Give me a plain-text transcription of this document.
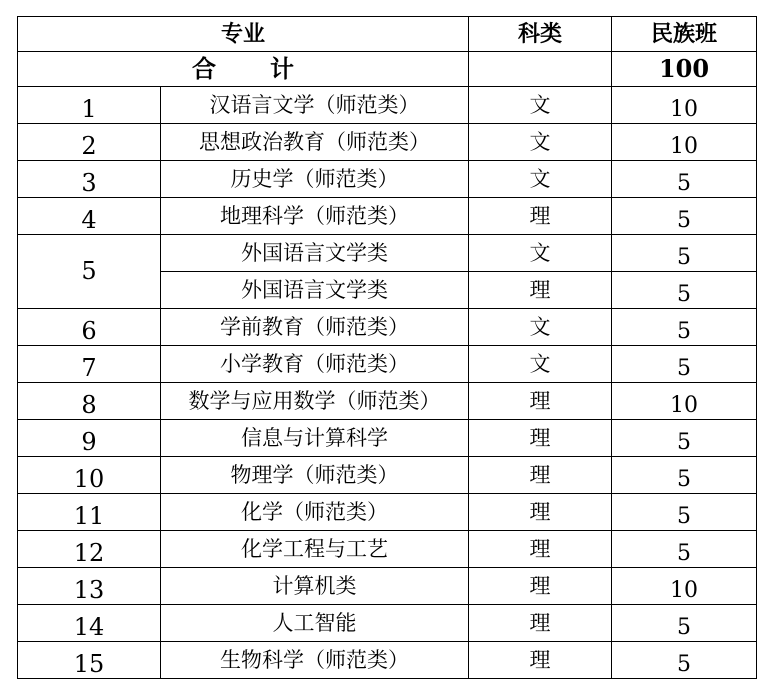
专业		科类	民族班
合 计			100
1	汉语言文学（师范类）	文	10
2	思想政治教育（师范类）	文	10
3	历史学（师范类）	文	5
4	地理科学（师范类）	理	5
5	外国语言文学类	文	5
	外国语言文学类	理	5
6	学前教育（师范类）	文	5
7	小学教育（师范类）	文	5
8	数学与应用数学（师范类）	理	10
9	信息与计算科学	理	5
10	物理学（师范类）	理	5
11	化学（师范类）	理	5
12	化学工程与工艺	理	5
13	计算机类	理	10
14	人工智能	理	5
15	生物科学（师范类）	理	5
